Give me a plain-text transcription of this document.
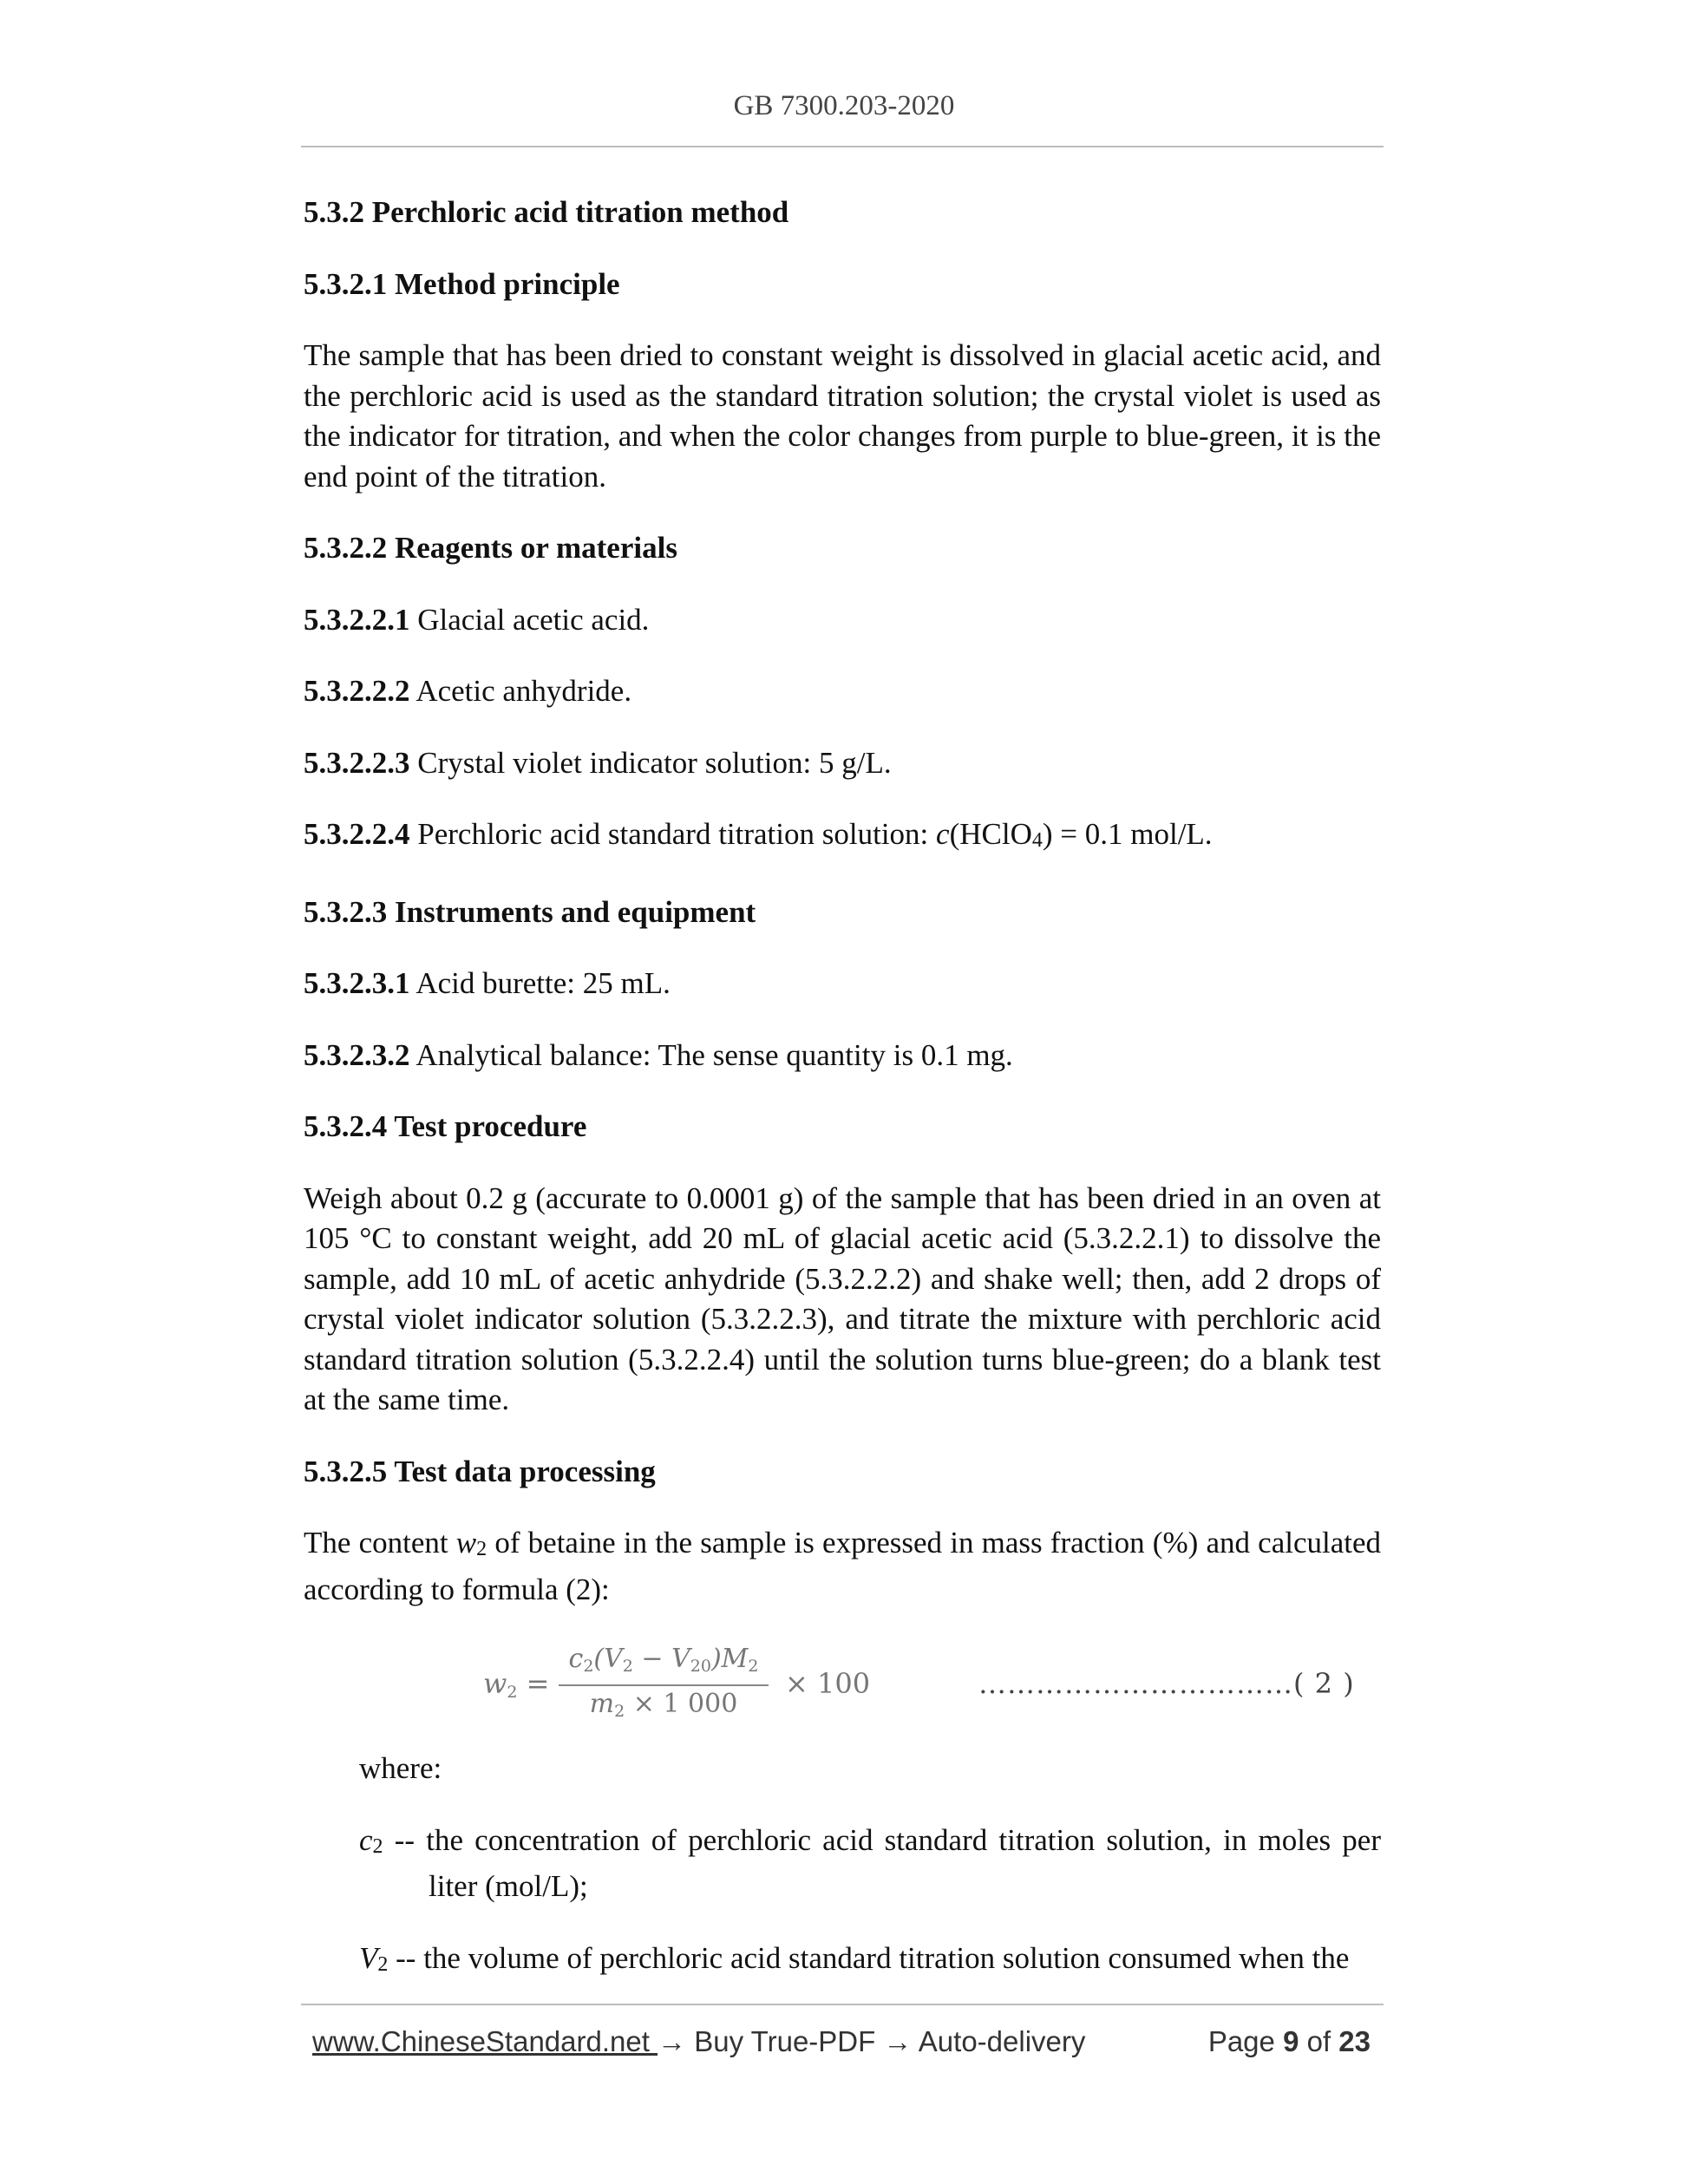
GB 7300.203-2020
5.3.2 Perchloric acid titration method
5.3.2.1 Method principle
The sample that has been dried to constant weight is dissolved in glacial acetic acid, and the perchloric acid is used as the standard titration solution; the crystal violet is used as the indicator for titration, and when the color changes from purple to blue-green, it is the end point of the titration.
5.3.2.2 Reagents or materials
5.3.2.2.1 Glacial acetic acid.
5.3.2.2.2 Acetic anhydride.
5.3.2.2.3 Crystal violet indicator solution: 5 g/L.
5.3.2.2.4 Perchloric acid standard titration solution: c(HClO4) = 0.1 mol/L.
5.3.2.3 Instruments and equipment
5.3.2.3.1 Acid burette: 25 mL.
5.3.2.3.2 Analytical balance: The sense quantity is 0.1 mg.
5.3.2.4 Test procedure
Weigh about 0.2 g (accurate to 0.0001 g) of the sample that has been dried in an oven at 105 °C to constant weight, add 20 mL of glacial acetic acid (5.3.2.2.1) to dissolve the sample, add 10 mL of acetic anhydride (5.3.2.2.2) and shake well; then, add 2 drops of crystal violet indicator solution (5.3.2.2.3), and titrate the mixture with perchloric acid standard titration solution (5.3.2.2.4) until the solution turns blue-green; do a blank test at the same time.
5.3.2.5 Test data processing
The content w2 of betaine in the sample is expressed in mass fraction (%) and calculated according to formula (2):
w2 =
c2(V2 − V20)M2
m2 × 1 000
× 100	……………………………( 2 )
where:
c2 -- the concentration of perchloric acid standard titration solution, in moles per liter (mol/L);
V2 -- the volume of perchloric acid standard titration solution consumed when the
www.ChineseStandard.net → Buy True-PDF → Auto-delivery	Page 9 of 23
